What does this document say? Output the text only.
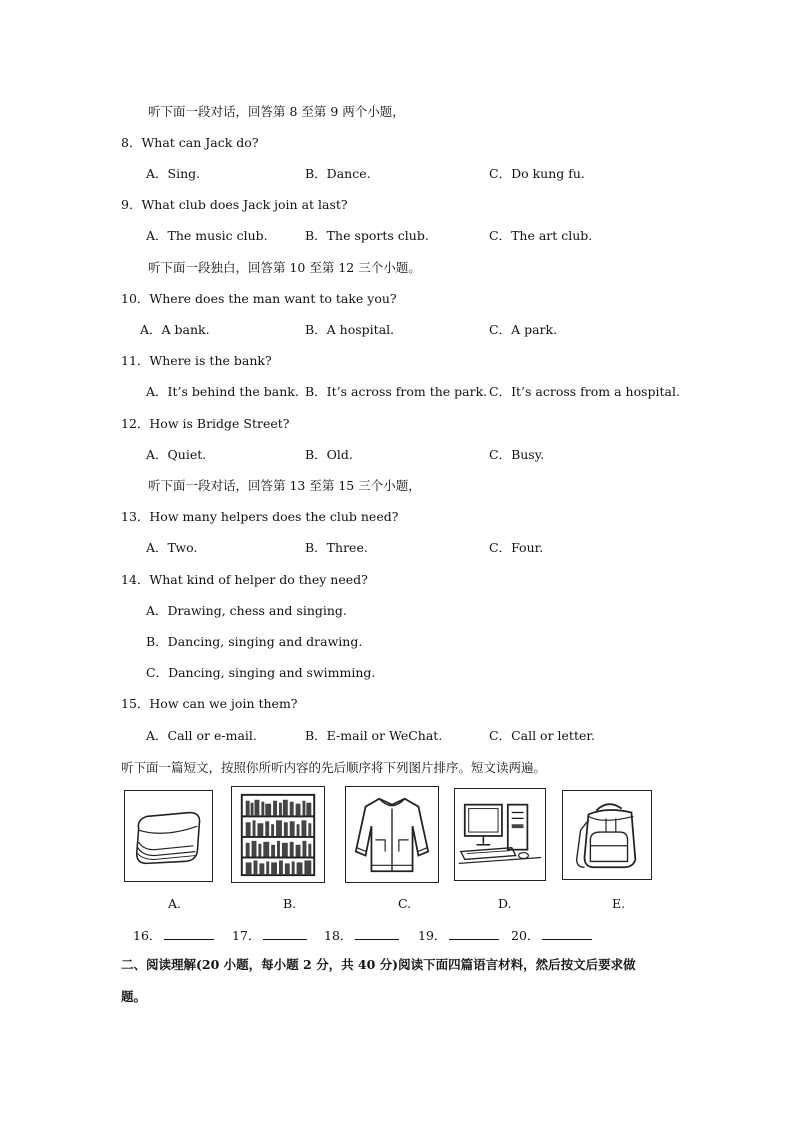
听下面一段对话，回答第 8 至第 9 两个小题，
8．What can Jack do?
A．Sing.	B．Dance.	C．Do kung fu.
9．What club does Jack join at last?
A．The music club.	B．The sports club.	C．The art club.
听下面一段独白，回答第 10 至第 12 三个小题。
10．Where does the man want to take you?
A．A bank.	B．A hospital.	C．A park.
11．Where is the bank?
A．It’s behind the bank. B．It’s across from the park. C．It’s across from a hospital.
12．How is Bridge Street?
A．Quiet.	B．Old.	C．Busy.
听下面一段对话，回答第 13 至第 15 三个小题，
13．How many helpers does the club need?
A．Two.	B．Three.	C．Four.
14．What kind of helper do they need?
A．Drawing, chess and singing.
B．Dancing, singing and drawing.
C．Dancing, singing and swimming.
15．How can we join them?
A．Call or e-mail.	B．E-mail or WeChat.	C．Call or letter.
听下面一篇短文，按照你所听内容的先后顺序将下列图片排序。短文读两遍。
A.	B.	C.	D.	E.
16．	17．	18．	19．	20．
二、阅读理解(20 小题，每小题 2 分，共 40 分)阅读下面四篇语言材料，然后按文后要求做
题。
